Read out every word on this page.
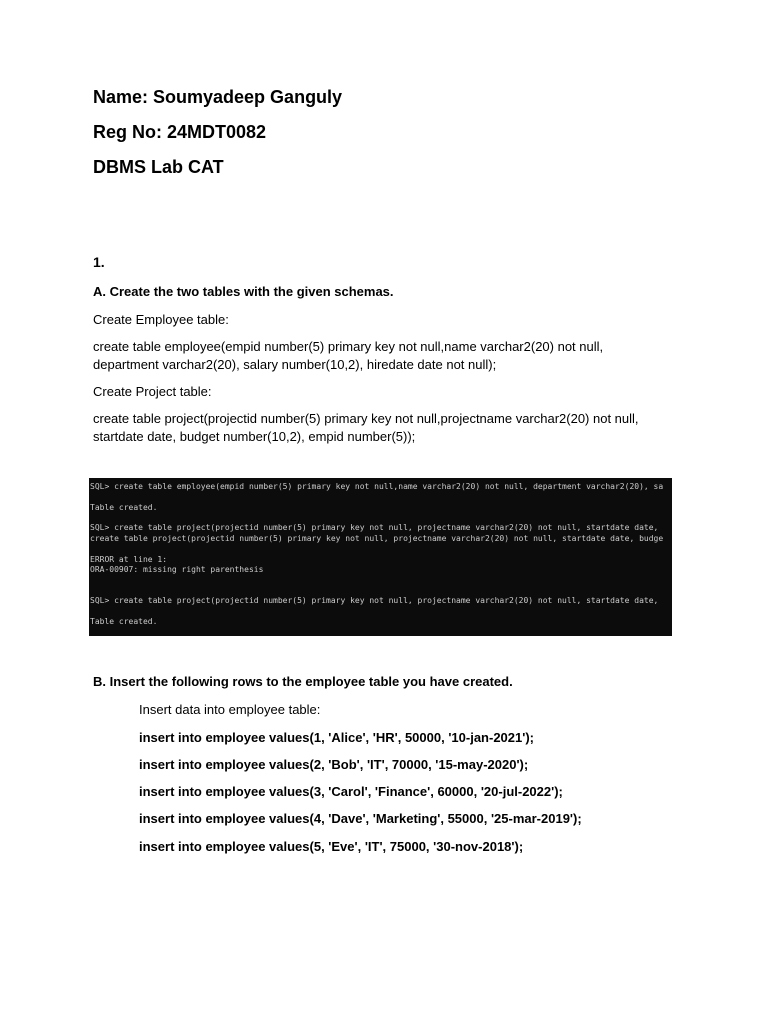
Name: Soumyadeep Ganguly
Reg No: 24MDT0082
DBMS Lab CAT
1.
A. Create the two tables with the given schemas.
Create Employee table:
create table employee(empid number(5) primary key not null,name varchar2(20) not null,
department varchar2(20), salary number(10,2), hiredate date not null);
Create Project table:
create table project(projectid number(5) primary key not null,projectname varchar2(20) not null,
startdate date, budget number(10,2), empid number(5));
SQL> create table employee(empid number(5) primary key not null,name varchar2(20) not null, department varchar2(20), sa
Table created.
SQL> create table project(projectid number(5) primary key not null, projectname varchar2(20) not null, startdate date,
create table project(projectid number(5) primary key not null, projectname varchar2(20) not null, startdate date, budge
ERROR at line 1:
ORA-00907: missing right parenthesis
SQL> create table project(projectid number(5) primary key not null, projectname varchar2(20) not null, startdate date,
Table created.
B. Insert the following rows to the employee table you have created.
Insert data into employee table:
insert into employee values(1, 'Alice', 'HR', 50000, '10-jan-2021');
insert into employee values(2, 'Bob', 'IT', 70000, '15-may-2020');
insert into employee values(3, 'Carol', 'Finance', 60000, '20-jul-2022');
insert into employee values(4, 'Dave', 'Marketing', 55000, '25-mar-2019');
insert into employee values(5, 'Eve', 'IT', 75000, '30-nov-2018');
